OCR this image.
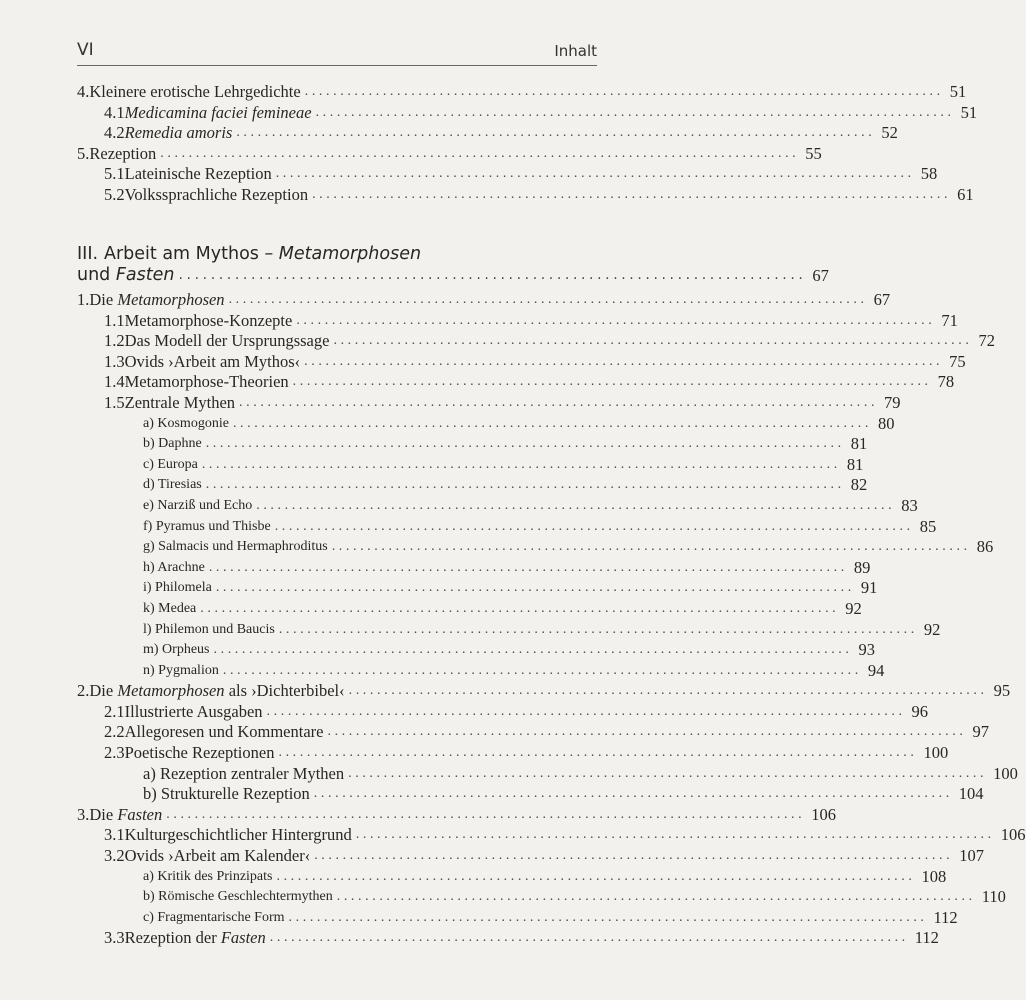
VI	Inhalt
4. Kleinere erotische Lehrgedichte .......................................................................................... 51
4.1 Medicamina faciei femineae .......................................................................................... 51
4.2 Remedia amoris .......................................................................................... 52
5. Rezeption .......................................................................................... 55
5.1 Lateinische Rezeption .......................................................................................... 58
5.2 Volkssprachliche Rezeption .......................................................................................... 61
III. Arbeit am Mythos – Metamorphosen
und Fasten .............................................................................. 67
1. Die Metamorphosen .......................................................................................... 67
1.1 Metamorphose-Konzepte .......................................................................................... 71
1.2 Das Modell der Ursprungssage .......................................................................................... 72
1.3 Ovids ›Arbeit am Mythos‹ .......................................................................................... 75
1.4 Metamorphose-Theorien .......................................................................................... 78
1.5 Zentrale Mythen .......................................................................................... 79
a) Kosmogonie .......................................................................................... 80
b) Daphne .......................................................................................... 81
c) Europa .......................................................................................... 81
d) Tiresias .......................................................................................... 82
e) Narziß und Echo .......................................................................................... 83
f) Pyramus und Thisbe .......................................................................................... 85
g) Salmacis und Hermaphroditus .......................................................................................... 86
h) Arachne .......................................................................................... 89
i) Philomela .......................................................................................... 91
k) Medea .......................................................................................... 92
l) Philemon und Baucis .......................................................................................... 92
m) Orpheus .......................................................................................... 93
n) Pygmalion .......................................................................................... 94
2. Die Metamorphosen als ›Dichterbibel‹ .......................................................................................... 95
2.1 Illustrierte Ausgaben .......................................................................................... 96
2.2 Allegoresen und Kommentare .......................................................................................... 97
2.3 Poetische Rezeptionen .......................................................................................... 100
a) Rezeption zentraler Mythen .......................................................................................... 100
b) Strukturelle Rezeption .......................................................................................... 104
3. Die Fasten .......................................................................................... 106
3.1 Kulturgeschichtlicher Hintergrund .......................................................................................... 106
3.2 Ovids ›Arbeit am Kalender‹ .......................................................................................... 107
a) Kritik des Prinzipats .......................................................................................... 108
b) Römische Geschlechtermythen .......................................................................................... 110
c) Fragmentarische Form .......................................................................................... 112
3.3 Rezeption der Fasten .......................................................................................... 112
